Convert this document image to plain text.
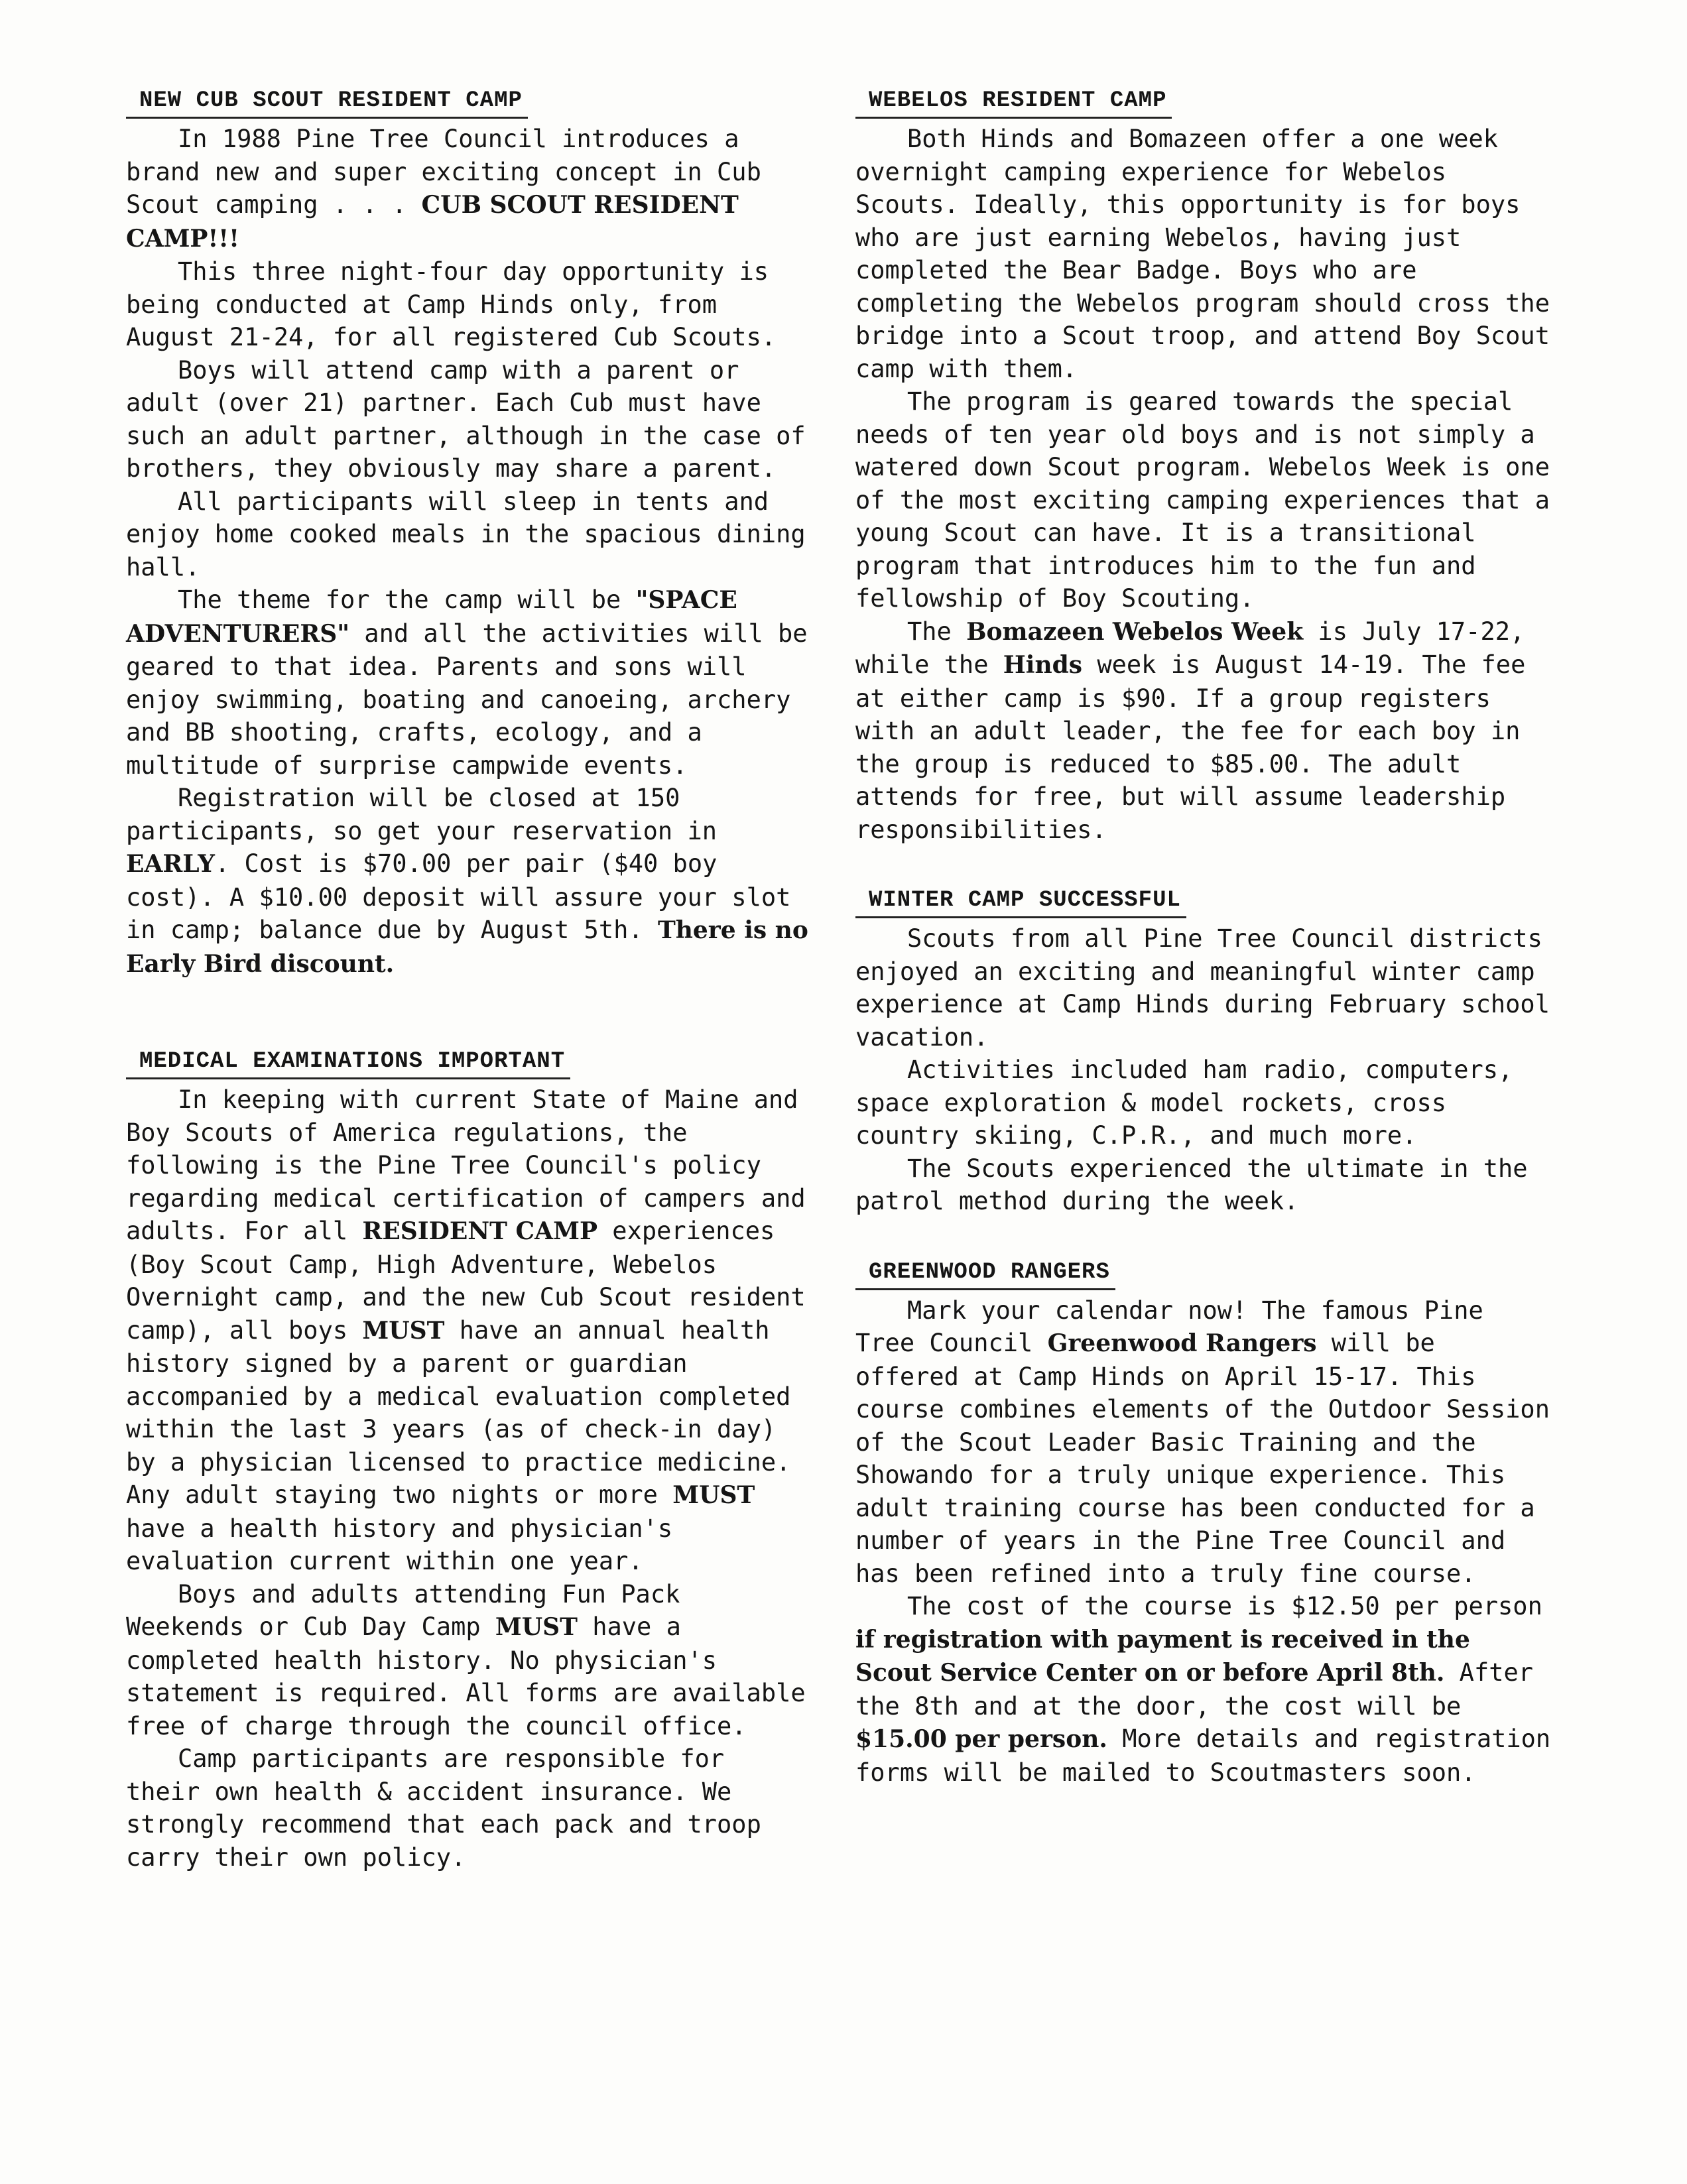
NEW CUB SCOUT RESIDENT CAMP

In 1988 Pine Tree Council introduces a brand new and super exciting concept in Cub Scout camping . . . CUB SCOUT RESIDENT CAMP!!!

This three night-four day opportunity is being conducted at Camp Hinds only, from August 21-24, for all registered Cub Scouts.

Boys will attend camp with a parent or adult (over 21) partner. Each Cub must have such an adult partner, although in the case of brothers, they obviously may share a parent.

All participants will sleep in tents and enjoy home cooked meals in the spacious dining hall.

The theme for the camp will be "SPACE ADVENTURERS" and all the activities will be geared to that idea. Parents and sons will enjoy swimming, boating and canoeing, archery and BB shooting, crafts, ecology, and a multitude of surprise campwide events.

Registration will be closed at 150 participants, so get your reservation in EARLY. Cost is $70.00 per pair ($40 boy cost). A $10.00 deposit will assure your slot in camp; balance due by August 5th. There is no Early Bird discount.

MEDICAL EXAMINATIONS IMPORTANT

In keeping with current State of Maine and Boy Scouts of America regulations, the following is the Pine Tree Council's policy regarding medical certification of campers and adults. For all RESIDENT CAMP experiences (Boy Scout Camp, High Adventure, Webelos Overnight camp, and the new Cub Scout resident camp), all boys MUST have an annual health history signed by a parent or guardian accompanied by a medical evaluation completed within the last 3 years (as of check-in day) by a physician licensed to practice medicine. Any adult staying two nights or more MUST have a health history and physician's evaluation current within one year.

Boys and adults attending Fun Pack Weekends or Cub Day Camp MUST have a completed health history. No physician's statement is required. All forms are available free of charge through the council office.

Camp participants are responsible for their own health & accident insurance. We strongly recommend that each pack and troop carry their own policy.

WEBELOS RESIDENT CAMP

Both Hinds and Bomazeen offer a one week overnight camping experience for Webelos Scouts. Ideally, this opportunity is for boys who are just earning Webelos, having just completed the Bear Badge. Boys who are completing the Webelos program should cross the bridge into a Scout troop, and attend Boy Scout camp with them.

The program is geared towards the special needs of ten year old boys and is not simply a watered down Scout program. Webelos Week is one of the most exciting camping experiences that a young Scout can have. It is a transitional program that introduces him to the fun and fellowship of Boy Scouting.

The Bomazeen Webelos Week is July 17-22, while the Hinds week is August 14-19. The fee at either camp is $90. If a group registers with an adult leader, the fee for each boy in the group is reduced to $85.00. The adult attends for free, but will assume leadership responsibilities.

WINTER CAMP SUCCESSFUL

Scouts from all Pine Tree Council districts enjoyed an exciting and meaningful winter camp experience at Camp Hinds during February school vacation.

Activities included ham radio, computers, space exploration & model rockets, cross country skiing, C.P.R., and much more.

The Scouts experienced the ultimate in the patrol method during the week.

GREENWOOD RANGERS

Mark your calendar now! The famous Pine Tree Council Greenwood Rangers will be offered at Camp Hinds on April 15-17. This course combines elements of the Outdoor Session of the Scout Leader Basic Training and the Showando for a truly unique experience. This adult training course has been conducted for a number of years in the Pine Tree Council and has been refined into a truly fine course.

The cost of the course is $12.50 per person if registration with payment is received in the Scout Service Center on or before April 8th. After the 8th and at the door, the cost will be $15.00 per person. More details and registration forms will be mailed to Scoutmasters soon.
